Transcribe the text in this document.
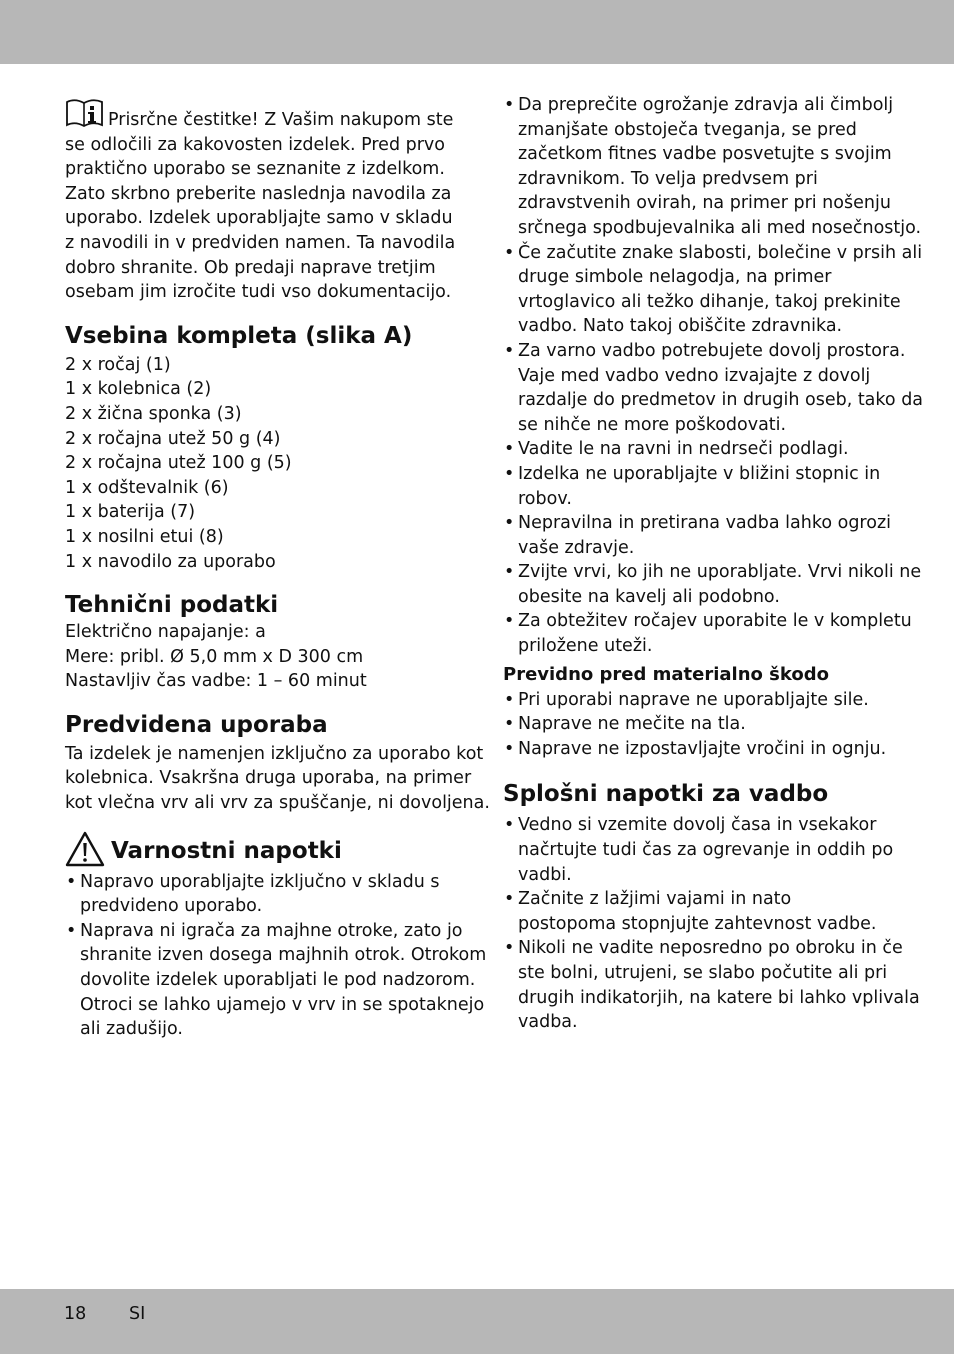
Prisrčne čestitke! Z Vašim nakupom ste

se odločili za kakovosten izdelek. Pred prvo

praktično uporabo se seznanite z izdelkom.

Zato skrbno preberite naslednja navodila za

uporabo. Izdelek uporabljajte samo v skladu

z navodili in v predviden namen. Ta navodila

dobro shranite. Ob predaji naprave tretjim

osebam jim izročite tudi vso dokumentacijo.

Vsebina kompleta (slika A)

2 x ročaj (1)

1 x kolebnica (2)

2 x žična sponka (3)

2 x ročajna utež 50 g (4)

2 x ročajna utež 100 g (5)

1 x odštevalnik (6)

1 x baterija (7)

1 x nosilni etui (8)

1 x navodilo za uporabo

Tehnični podatki

Električno napajanje: a

Mere: pribl. Ø 5,0 mm x D 300 cm

Nastavljiv čas vadbe: 1 – 60 minut

Predvidena uporaba

Ta izdelek je namenjen izključno za uporabo kot

kolebnica. Vsakršna druga uporaba, na primer

kot vlečna vrv ali vrv za spuščanje, ni dovoljena.

Varnostni napotki

• Napravo uporabljajte izključno v skladu s

predvideno uporabo.

• Naprava ni igrača za majhne otroke, zato jo

shranite izven dosega majhnih otrok. Otrokom

dovolite izdelek uporabljati le pod nadzorom.

Otroci se lahko ujamejo v vrv in se spotaknejo

ali zadušijo.

• Da preprečite ogrožanje zdravja ali čimbolj

zmanjšate obstoječa tveganja, se pred

začetkom fitnes vadbe posvetujte s svojim

zdravnikom. To velja predvsem pri

zdravstvenih ovirah, na primer pri nošenju

srčnega spodbujevalnika ali med nosečnostjo.

• Če začutite znake slabosti, bolečine v prsih ali

druge simbole nelagodja, na primer

vrtoglavico ali težko dihanje, takoj prekinite

vadbo. Nato takoj obiščite zdravnika.

• Za varno vadbo potrebujete dovolj prostora.

Vaje med vadbo vedno izvajajte z dovolj

razdalje do predmetov in drugih oseb, tako da

se nihče ne more poškodovati.

• Vadite le na ravni in nedrseči podlagi.

• Izdelka ne uporabljajte v bližini stopnic in

robov.

• Nepravilna in pretirana vadba lahko ogrozi

vaše zdravje.

• Zvijte vrvi, ko jih ne uporabljate. Vrvi nikoli ne

obesite na kavelj ali podobno.

• Za obtežitev ročajev uporabite le v kompletu

priložene uteži.

Previdno pred materialno škodo

• Pri uporabi naprave ne uporabljajte sile.

• Naprave ne mečite na tla.

• Naprave ne izpostavljajte vročini in ognju.

Splošni napotki za vadbo

• Vedno si vzemite dovolj časa in vsekakor

načrtujte tudi čas za ogrevanje in oddih po

vadbi.

• Začnite z lažjimi vajami in nato

postopoma stopnjujte zahtevnost vadbe.

• Nikoli ne vadite neposredno po obroku in če

ste bolni, utrujeni, se slabo počutite ali pri

drugih indikatorjih, na katere bi lahko vplivala

vadba.

18 SI
